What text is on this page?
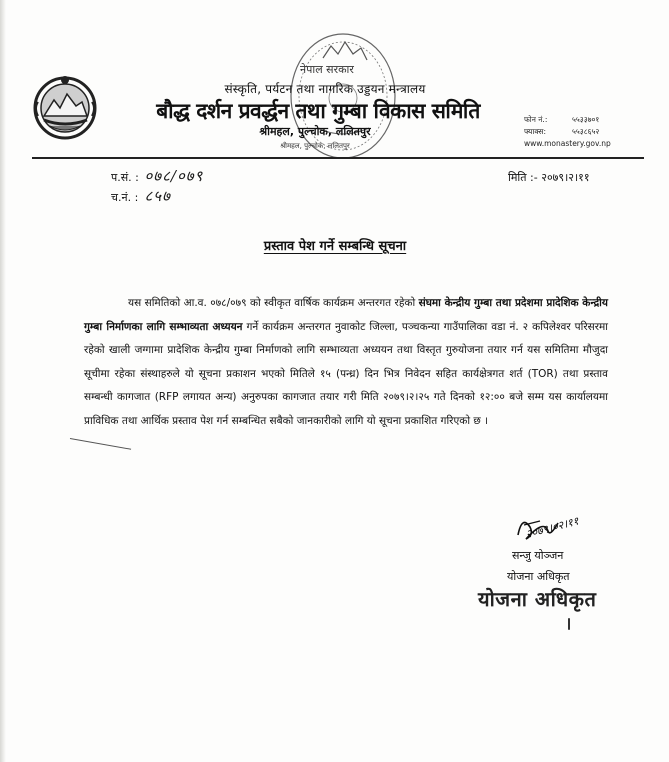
नेपाल सरकार
संस्कृति, पर्यटन तथा नागरिक उड्डयन मन्त्रालय
बौद्ध दर्शन प्रवर्द्धन तथा गुम्बा विकास समिति
श्रीमहल, पुल्चोक, ललितपुर
श्रीमहल, पुल्चोक, ललितपुर
फोन नं.:	५५३३७०१
फ्याक्स:	५५३८६५२
www.monastery.gov.np
प.सं. : ०७८/०७९
च.नं. : ८५७
मिति :- २०७९।२।११
प्रस्ताव पेश गर्ने सम्बन्धि सूचना
यस समितिको आ.व. ०७८/०७९ को स्वीकृत वार्षिक कार्यक्रम अन्तरगत रहेको संघमा केन्द्रीय गुम्बा तथा प्रदेशमा प्रादेशिक केन्द्रीय गुम्बा निर्माणका लागि सम्भाव्यता अध्ययन गर्ने कार्यक्रम अन्तरगत नुवाकोट जिल्ला, पञ्चकन्या गाउँपालिका वडा नं. २ कपिलेश्वर परिसरमा रहेको खाली जग्गामा प्रादेशिक केन्द्रीय गुम्बा निर्माणको लागि सम्भाव्यता अध्ययन तथा विस्तृत गुरुयोजना तयार गर्न यस समितिमा मौजुदा सूचीमा रहेका संस्थाहरुले यो सूचना प्रकाशन भएको मितिले १५ (पन्ध्र) दिन भित्र निवेदन सहित कार्यक्षेत्रगत शर्त (TOR) तथा प्रस्ताव सम्बन्धी कागजात (RFP लगायत अन्य) अनुरुपका कागजात तयार गरी मिति २०७९।२।२५ गते दिनको १२:०० बजे सम्म यस कार्यालयमा प्राविधिक तथा आर्थिक प्रस्ताव पेश गर्न सम्बन्धित सबैको जानकारीको लागि यो सूचना प्रकाशित गरिएको छ ।
२०७९।०२।११
सन्जु योञ्जन
योजना अधिकृत
योजना अधिकृत
